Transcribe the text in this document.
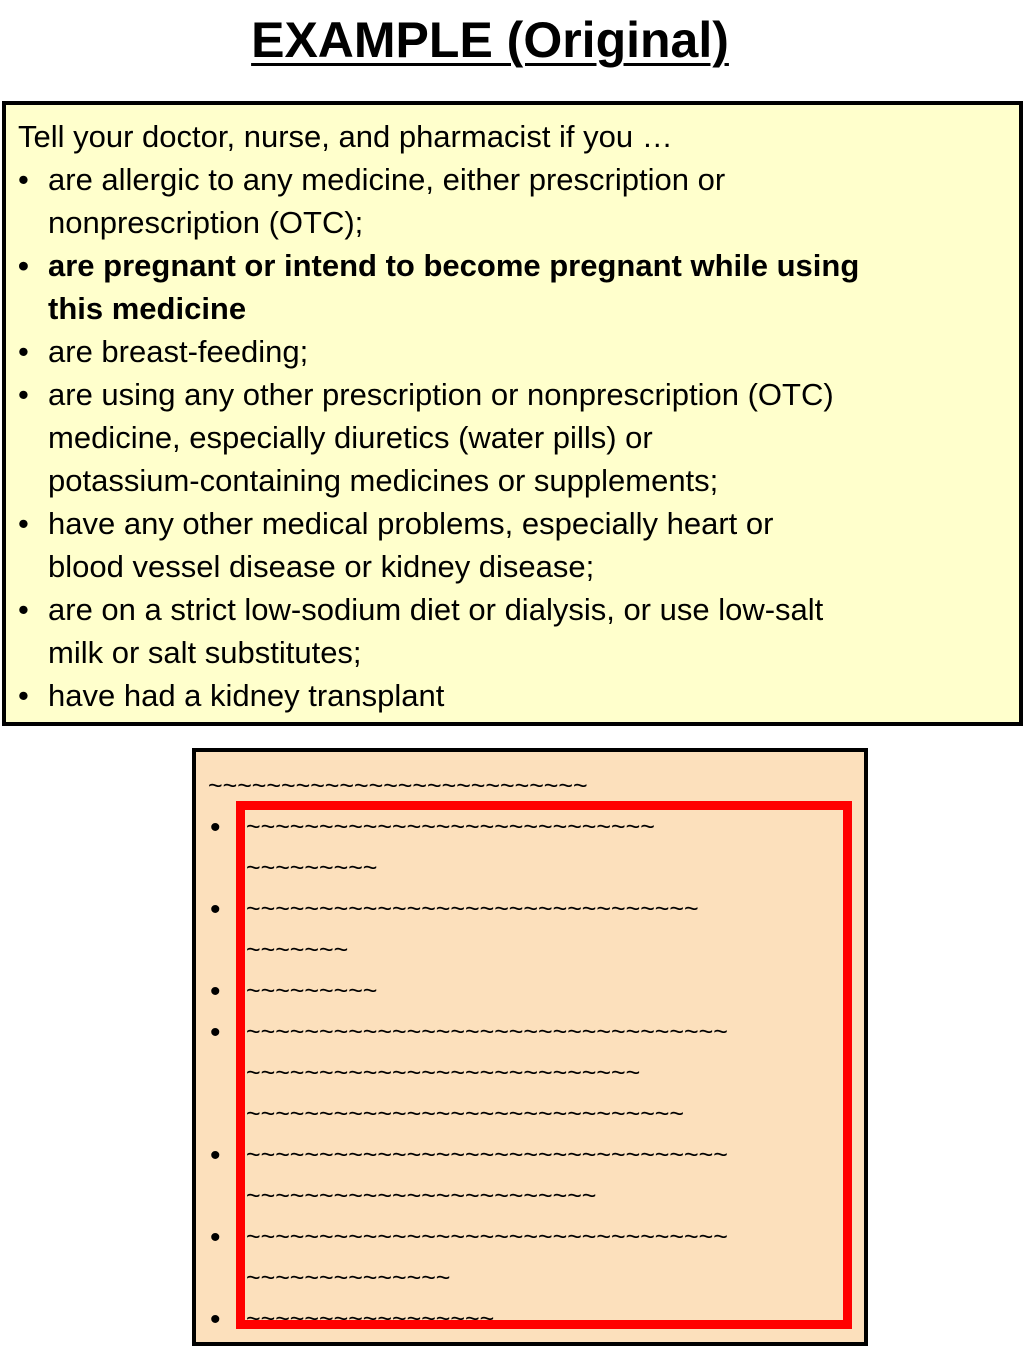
EXAMPLE (Original)
Tell your doctor, nurse, and pharmacist if you …
• are allergic to any medicine, either prescription or
nonprescription (OTC);
• are pregnant or intend to become pregnant while using
this medicine
• are breast-feeding;
• are using any other prescription or nonprescription (OTC)
medicine, especially diuretics (water pills) or
potassium-containing medicines or supplements;
• have any other medical problems, especially heart or
blood vessel disease or kidney disease;
• are on a strict low-sodium diet or dialysis, or use low-salt
milk or salt substitutes;
• have had a kidney transplant
~~~~~~~~~~~~~~~~~~~~~~~~~~
• ~~~~~~~~~~~~~~~~~~~~~~~~~~~~
~~~~~~~~~
• ~~~~~~~~~~~~~~~~~~~~~~~~~~~~~~~
~~~~~~~
• ~~~~~~~~~
• ~~~~~~~~~~~~~~~~~~~~~~~~~~~~~~~~~
~~~~~~~~~~~~~~~~~~~~~~~~~~~
~~~~~~~~~~~~~~~~~~~~~~~~~~~~~~
• ~~~~~~~~~~~~~~~~~~~~~~~~~~~~~~~~~
~~~~~~~~~~~~~~~~~~~~~~~~
• ~~~~~~~~~~~~~~~~~~~~~~~~~~~~~~~~~
~~~~~~~~~~~~~~
• ~~~~~~~~~~~~~~~~~
